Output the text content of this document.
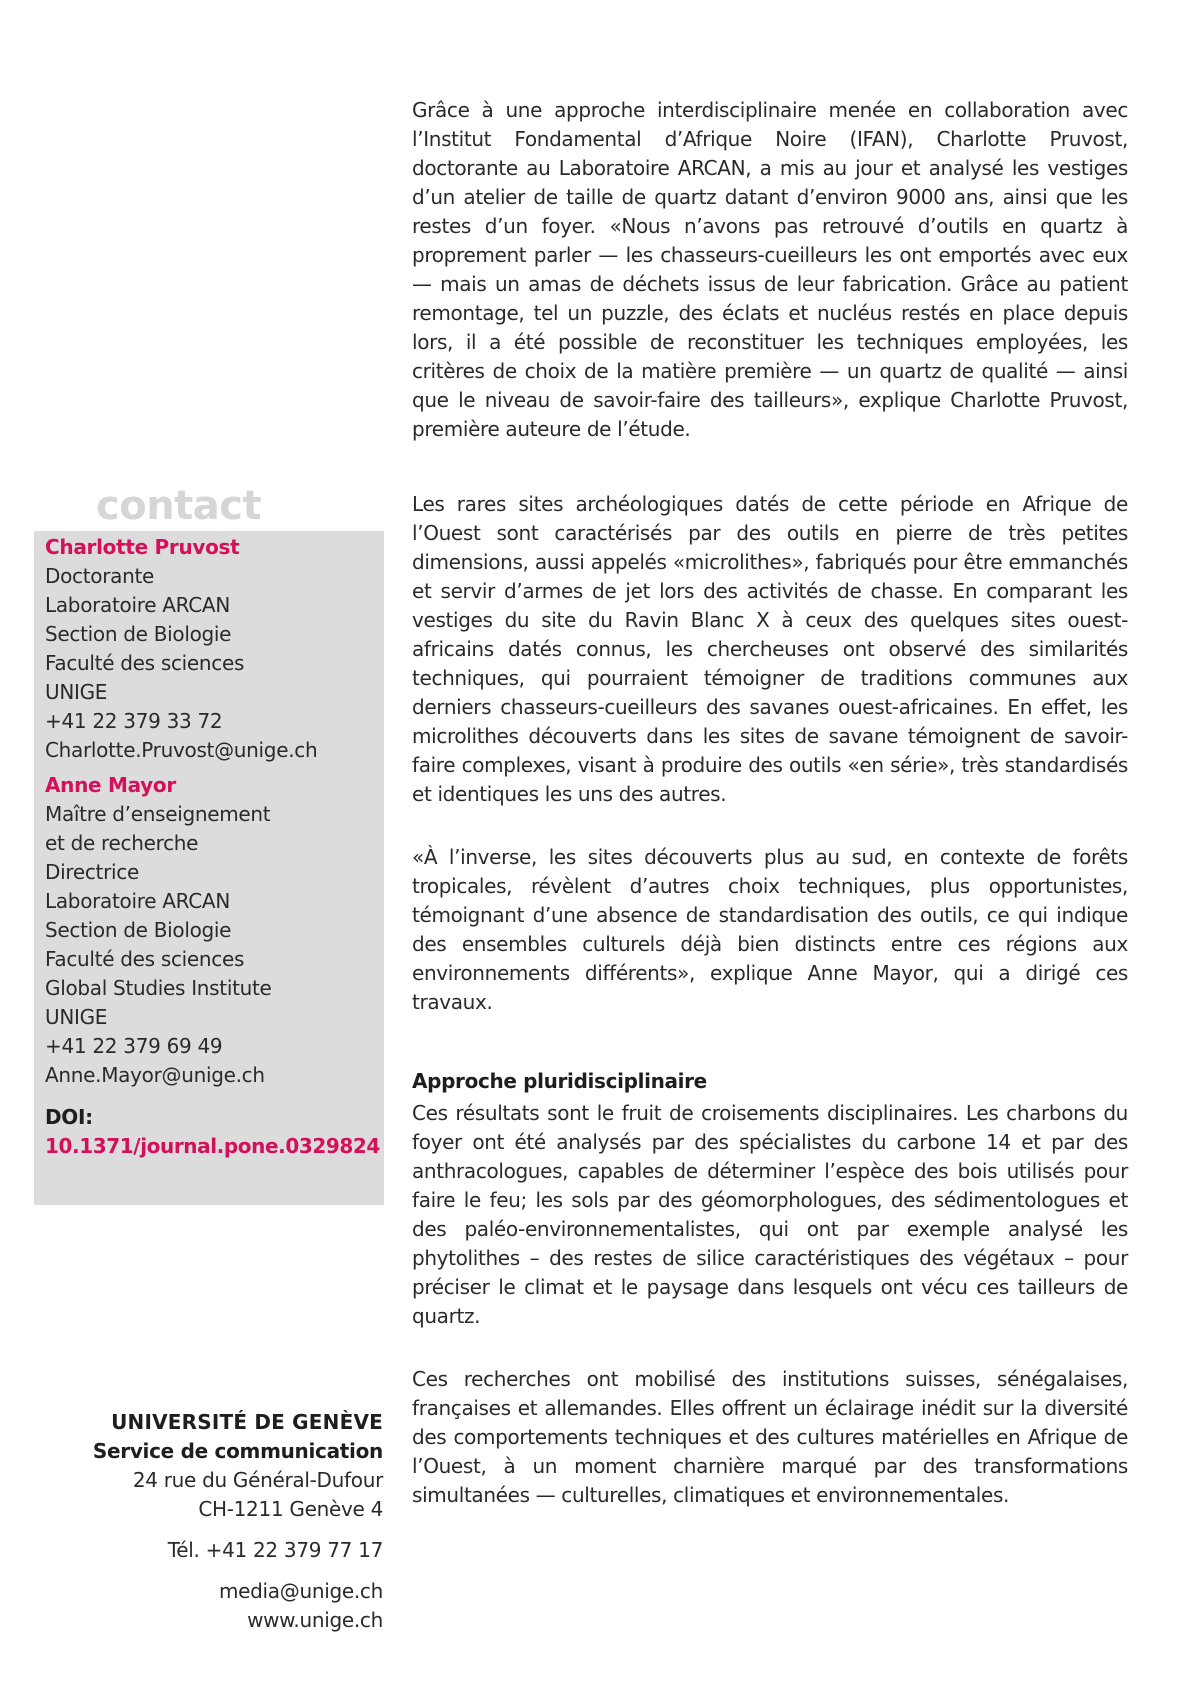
Grâce à une approche interdisciplinaire menée en collaboration avec l’Institut Fondamental d’Afrique Noire (IFAN), Charlotte Pruvost, doctorante au Laboratoire ARCAN, a mis au jour et analysé les vestiges d’un atelier de taille de quartz datant d’environ 9000 ans, ainsi que les restes d’un foyer. «Nous n’avons pas retrouvé d’outils en quartz à proprement parler — les chasseurs-cueilleurs les ont emportés avec eux — mais un amas de déchets issus de leur fabrication. Grâce au patient remontage, tel un puzzle, des éclats et nucléus restés en place depuis lors, il a été possible de reconstituer les techniques employées, les critères de choix de la matière première — un quartz de qualité — ainsi que le niveau de savoir-faire des tailleurs», explique Charlotte Pruvost, première auteure de l’étude.

Les rares sites archéologiques datés de cette période en Afrique de l’Ouest sont caractérisés par des outils en pierre de très petites dimensions, aussi appelés «microlithes», fabriqués pour être emmanchés et servir d’armes de jet lors des activités de chasse. En comparant les vestiges du site du Ravin Blanc X à ceux des quelques sites ouest-africains datés connus, les chercheuses ont observé des similarités techniques, qui pourraient témoigner de traditions communes aux derniers chasseurs-cueilleurs des savanes ouest-africaines. En effet, les microlithes découverts dans les sites de savane témoignent de savoir-faire complexes, visant à produire des outils «en série», très standardisés et identiques les uns des autres.

«À l’inverse, les sites découverts plus au sud, en contexte de forêts tropicales, révèlent d’autres choix techniques, plus opportunistes, témoignant d’une absence de standardisation des outils, ce qui indique des ensembles culturels déjà bien distincts entre ces régions aux environnements différents», explique Anne Mayor, qui a dirigé ces travaux.

Approche pluridisciplinaire

Ces résultats sont le fruit de croisements disciplinaires. Les charbons du foyer ont été analysés par des spécialistes du carbone 14 et par des anthracologues, capables de déterminer l’espèce des bois utilisés pour faire le feu; les sols par des géomorphologues, des sédimentologues et des paléo-environnementalistes, qui ont par exemple analysé les phytolithes – des restes de silice caractéristiques des végétaux – pour préciser le climat et le paysage dans lesquels ont vécu ces tailleurs de quartz.

Ces recherches ont mobilisé des institutions suisses, sénégalaises, françaises et allemandes. Elles offrent un éclairage inédit sur la diversité des comportements techniques et des cultures matérielles en Afrique de l’Ouest, à un moment charnière marqué par des transformations simultanées — culturelles, climatiques et environnementales.

contact

Charlotte Pruvost

Doctorante

Laboratoire ARCAN

Section de Biologie

Faculté des sciences

UNIGE

+41 22 379 33 72

Charlotte.Pruvost@unige.ch

Anne Mayor

Maître d’enseignement

et de recherche

Directrice

Laboratoire ARCAN

Section de Biologie

Faculté des sciences

Global Studies Institute

UNIGE

+41 22 379 69 49

Anne.Mayor@unige.ch

DOI:
10.1371/journal.pone.0329824
UNIVERSITÉ DE GENÈVE
Service de communication
24 rue du Général-Dufour
CH-1211 Genève 4
Tél. +41 22 379 77 17
media@unige.ch
www.unige.ch
